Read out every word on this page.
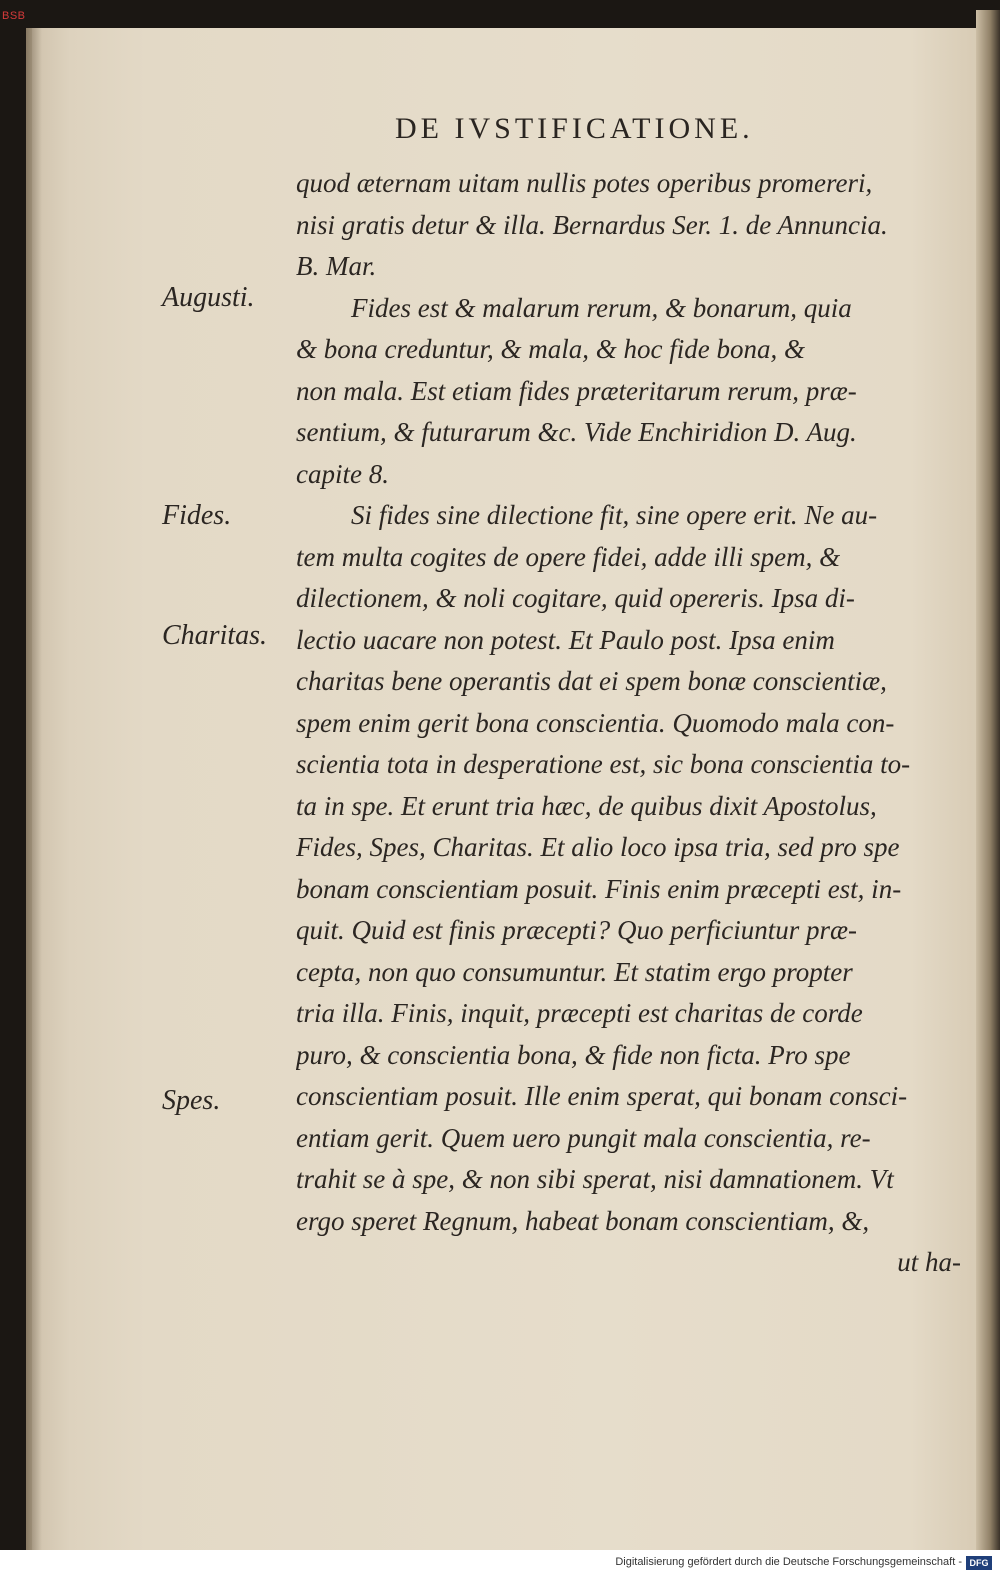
BSB
DE IVSTIFICATIONE.
Augusti.
Fides.
Charitas.
Spes.
quod æternam uitam nullis potes operibus promereri,
nisi gratis detur & illa. Bernardus Ser. 1. de Annuncia.
B. Mar.
Fides est & malarum rerum, & bonarum, quia
& bona creduntur, & mala, & hoc fide bona, &
non mala. Est etiam fides præteritarum rerum, præ-
sentium, & futurarum &c. Vide Enchiridion D. Aug.
capite 8.
Si fides sine dilectione fit, sine opere erit. Ne au-
tem multa cogites de opere fidei, adde illi spem, &
dilectionem, & noli cogitare, quid opereris. Ipsa di-
lectio uacare non potest. Et Paulo post. Ipsa enim
charitas bene operantis dat ei spem bonæ conscientiæ,
spem enim gerit bona conscientia. Quomodo mala con-
scientia tota in desperatione est, sic bona conscientia to-
ta in spe. Et erunt tria hæc, de quibus dixit Apostolus,
Fides, Spes, Charitas. Et alio loco ipsa tria, sed pro spe
bonam conscientiam posuit. Finis enim præcepti est, in-
quit. Quid est finis præcepti? Quo perficiuntur præ-
cepta, non quo consumuntur. Et statim ergo propter
tria illa. Finis, inquit, præcepti est charitas de corde
puro, & conscientia bona, & fide non ficta. Pro spe
conscientiam posuit. Ille enim sperat, qui bonam consci-
entiam gerit. Quem uero pungit mala conscientia, re-
trahit se à spe, & non sibi sperat, nisi damnationem. Vt
ergo speret Regnum, habeat bonam conscientiam, &,
ut ha-
Digitalisierung gefördert durch die Deutsche Forschungsgemeinschaft - DFG
